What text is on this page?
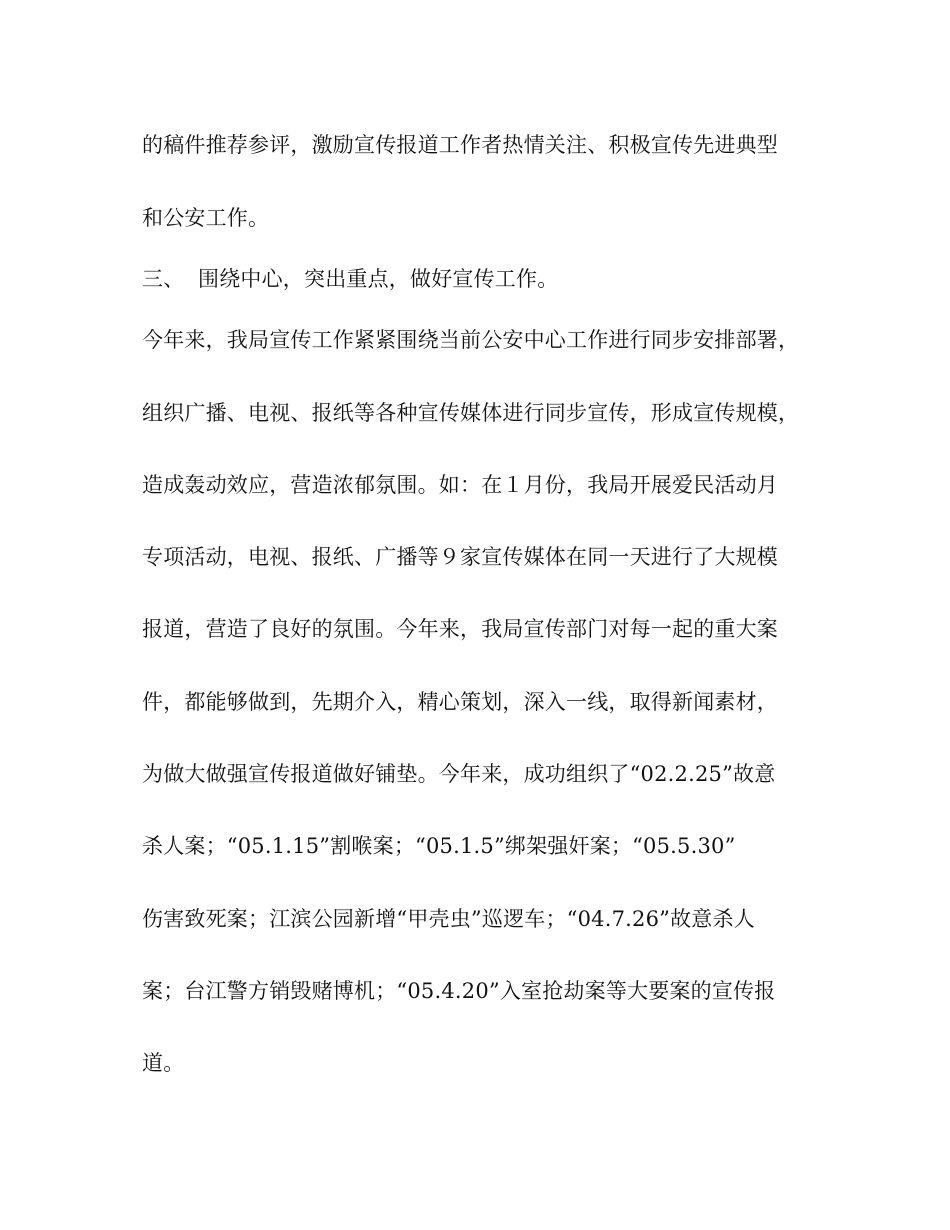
的稿件推荐参评，激励宣传报道工作者热情关注、积极宣传先进典型
和公安工作。
三、 围绕中心，突出重点，做好宣传工作。
今年来，我局宣传工作紧紧围绕当前公安中心工作进行同步安排部署，
组织广播、电视、报纸等各种宣传媒体进行同步宣传，形成宣传规模，
造成轰动效应，营造浓郁氛围。如：在１月份，我局开展爱民活动月
专项活动，电视、报纸、广播等９家宣传媒体在同一天进行了大规模
报道，营造了良好的氛围。今年来，我局宣传部门对每一起的重大案
件，都能够做到，先期介入，精心策划，深入一线，取得新闻素材，
为做大做强宣传报道做好铺垫。今年来，成功组织了“02.2.25”故意
杀人案；“05.1.15”割喉案；“05.1.5”绑架强奸案；“05.5.30”
伤害致死案；江滨公园新增“甲壳虫”巡逻车；“04.7.26”故意杀人
案；台江警方销毁赌博机；“05.4.20”入室抢劫案等大要案的宣传报
道。
